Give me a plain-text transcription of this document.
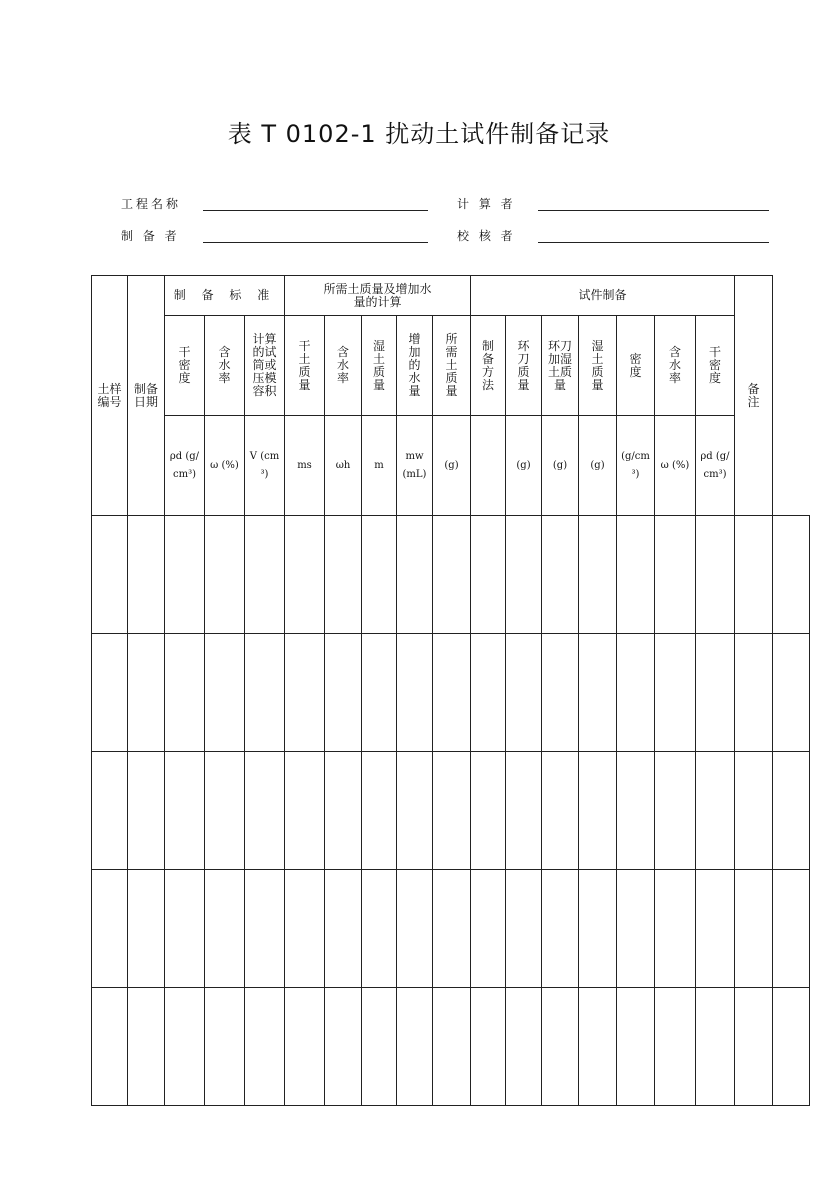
表 T 0102-1 扰动土试件制备记录
工程名称	计 算 者
制 备 者	校 核 者
土样编号	制备日期	制 备 标 准			所需土质量及增加水量的计算					试件制备							备注	
		干密度	含水率	计算的试筒或压模容积	干土质量	含水率	湿土质量	增加的水量	所需土质量	制备方法	环刀质量	环刀加湿土质量	湿土质量	密度	含水率	干密度		
		ρd (g/cm³)	ω (%)	V (cm³)	ms	ωh	m	mw (mL)	(g)		(g)	(g)	(g)	(g/cm³)	ω (%)	ρd (g/cm³)		
